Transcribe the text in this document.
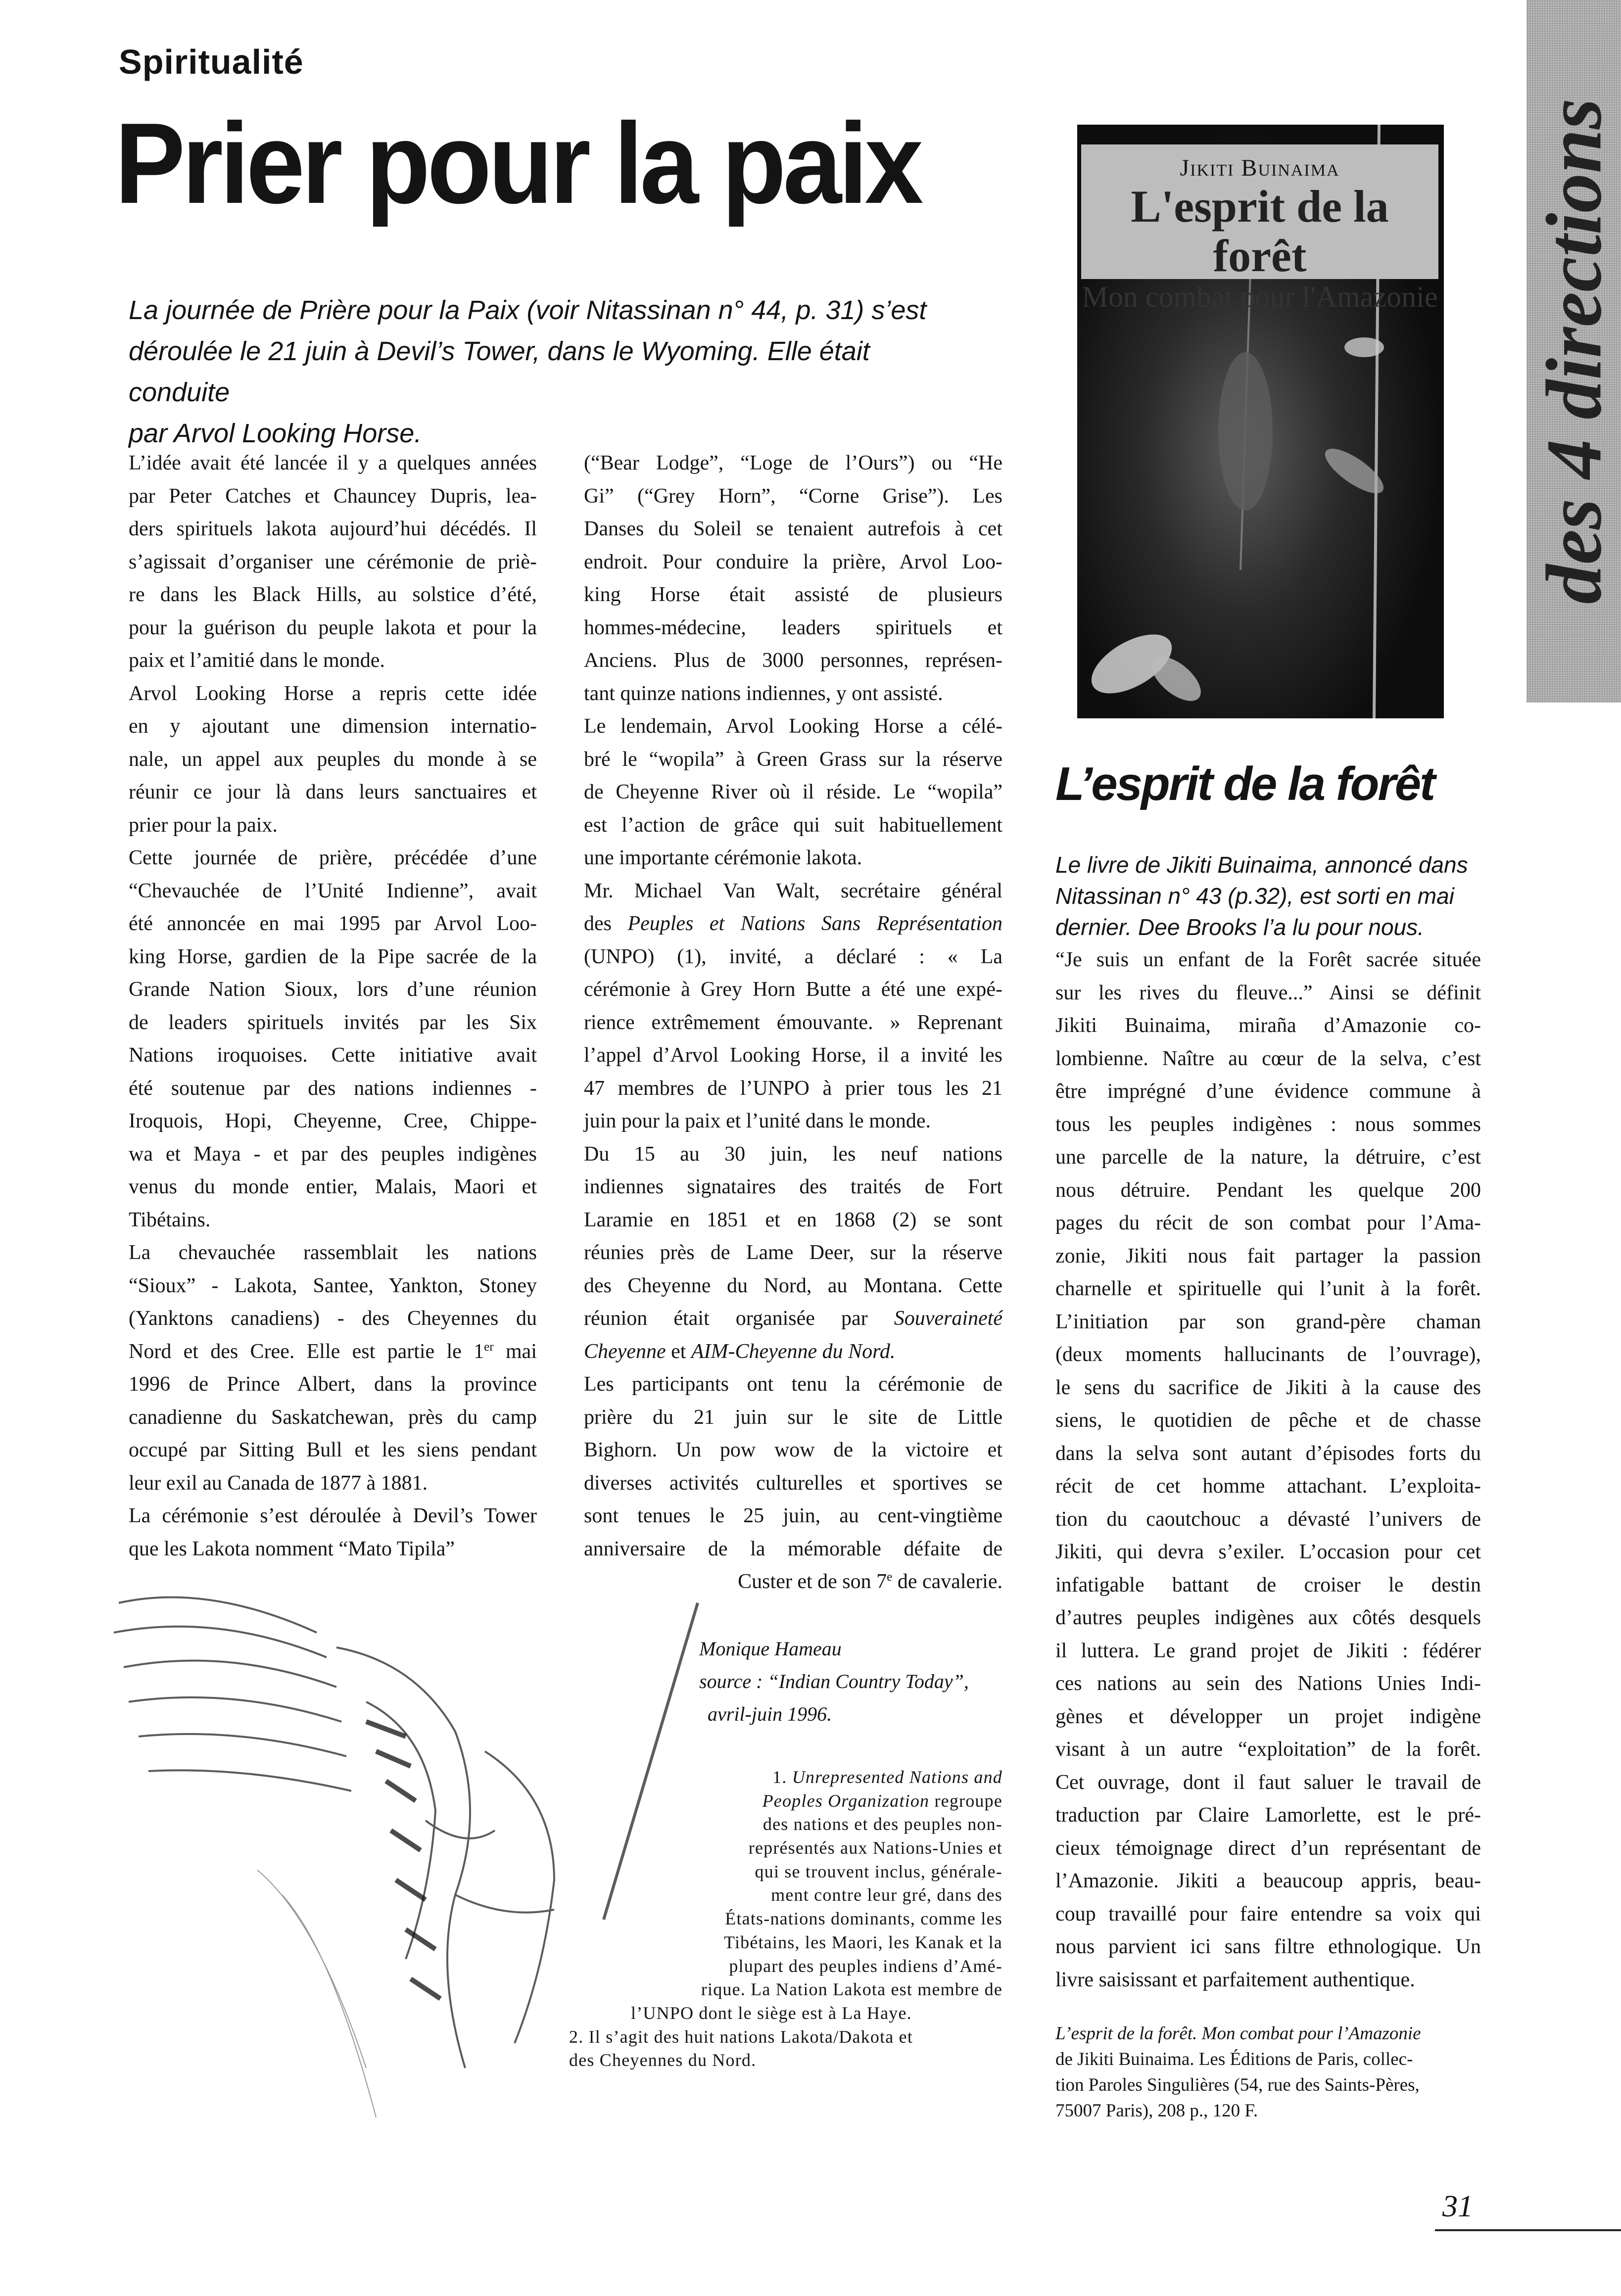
Spiritualité
Prier pour la paix
La journée de Prière pour la Paix (voir Nitassinan n° 44, p. 31) s’est
déroulée le 21 juin à Devil’s Tower, dans le Wyoming. Elle était conduite
par Arvol Looking Horse.
L’idée avait été lancée il y a quelques années
par Peter Catches et Chauncey Dupris, lea-
ders spirituels lakota aujourd’hui décédés. Il
s’agissait d’organiser une cérémonie de priè-
re dans les Black Hills, au solstice d’été,
pour la guérison du peuple lakota et pour la
paix et l’amitié dans le monde.
Arvol Looking Horse a repris cette idée
en y ajoutant une dimension internatio-
nale, un appel aux peuples du monde à se
réunir ce jour là dans leurs sanctuaires et
prier pour la paix.
Cette journée de prière, précédée d’une
“Chevauchée de l’Unité Indienne”, avait
été annoncée en mai 1995 par Arvol Loo-
king Horse, gardien de la Pipe sacrée de la
Grande Nation Sioux, lors d’une réunion
de leaders spirituels invités par les Six
Nations iroquoises. Cette initiative avait
été soutenue par des nations indiennes -
Iroquois, Hopi, Cheyenne, Cree, Chippe-
wa et Maya - et par des peuples indigènes
venus du monde entier, Malais, Maori et
Tibétains.
La chevauchée rassemblait les nations
“Sioux” - Lakota, Santee, Yankton, Stoney
(Yanktons canadiens) - des Cheyennes du
Nord et des Cree. Elle est partie le 1er mai
1996 de Prince Albert, dans la province
canadienne du Saskatchewan, près du camp
occupé par Sitting Bull et les siens pendant
leur exil au Canada de 1877 à 1881.
La cérémonie s’est déroulée à Devil’s Tower
que les Lakota nomment “Mato Tipila”
(“Bear Lodge”, “Loge de l’Ours”) ou “He
Gi” (“Grey Horn”, “Corne Grise”). Les
Danses du Soleil se tenaient autrefois à cet
endroit. Pour conduire la prière, Arvol Loo-
king Horse était assisté de plusieurs
hommes-médecine, leaders spirituels et
Anciens. Plus de 3000 personnes, représen-
tant quinze nations indiennes, y ont assisté.
Le lendemain, Arvol Looking Horse a célé-
bré le “wopila” à Green Grass sur la réserve
de Cheyenne River où il réside. Le “wopila”
est l’action de grâce qui suit habituellement
une importante cérémonie lakota.
Mr. Michael Van Walt, secrétaire général
des Peuples et Nations Sans Représentation
(UNPO) (1), invité, a déclaré : « La
cérémonie à Grey Horn Butte a été une expé-
rience extrêmement émouvante. » Reprenant
l’appel d’Arvol Looking Horse, il a invité les
47 membres de l’UNPO à prier tous les 21
juin pour la paix et l’unité dans le monde.
Du 15 au 30 juin, les neuf nations
indiennes signataires des traités de Fort
Laramie en 1851 et en 1868 (2) se sont
réunies près de Lame Deer, sur la réserve
des Cheyenne du Nord, au Montana. Cette
réunion était organisée par Souveraineté
Cheyenne et AIM-Cheyenne du Nord.
Les participants ont tenu la cérémonie de
prière du 21 juin sur le site de Little
Bighorn. Un pow wow de la victoire et
diverses activités culturelles et sportives se
sont tenues le 25 juin, au cent-vingtième
anniversaire de la mémorable défaite de
Custer et de son 7e de cavalerie.
Monique Hameau
source : “Indian Country Today”,
avril-juin 1996.
1. Unrepresented Nations and
Peoples Organization regroupe
des nations et des peuples non-
représentés aux Nations-Unies et
qui se trouvent inclus, générale-
ment contre leur gré, dans des
États-nations dominants, comme les
Tibétains, les Maori, les Kanak et la
plupart des peuples indiens d’Amé-
rique. La Nation Lakota est membre de
l’UNPO dont le siège est à La Haye.
2. Il s’agit des huit nations Lakota/Dakota et
des Cheyennes du Nord.
Jikiti Buinaima
L'esprit de la forêt
Mon combat pour l'Amazonie des 4 directions
L’esprit de la forêt
Le livre de Jikiti Buinaima, annoncé dans
Nitassinan n° 43 (p.32), est sorti en mai
dernier. Dee Brooks l’a lu pour nous.
“Je suis un enfant de la Forêt sacrée située
sur les rives du fleuve...” Ainsi se définit
Jikiti Buinaima, miraña d’Amazonie co-
lombienne. Naître au cœur de la selva, c’est
être imprégné d’une évidence commune à
tous les peuples indigènes : nous sommes
une parcelle de la nature, la détruire, c’est
nous détruire. Pendant les quelque 200
pages du récit de son combat pour l’Ama-
zonie, Jikiti nous fait partager la passion
charnelle et spirituelle qui l’unit à la forêt.
L’initiation par son grand-père chaman
(deux moments hallucinants de l’ouvrage),
le sens du sacrifice de Jikiti à la cause des
siens, le quotidien de pêche et de chasse
dans la selva sont autant d’épisodes forts du
récit de cet homme attachant. L’exploita-
tion du caoutchouc a dévasté l’univers de
Jikiti, qui devra s’exiler. L’occasion pour cet
infatigable battant de croiser le destin
d’autres peuples indigènes aux côtés desquels
il luttera. Le grand projet de Jikiti : fédérer
ces nations au sein des Nations Unies Indi-
gènes et développer un projet indigène
visant à un autre “exploitation” de la forêt.
Cet ouvrage, dont il faut saluer le travail de
traduction par Claire Lamorlette, est le pré-
cieux témoignage direct d’un représentant de
l’Amazonie. Jikiti a beaucoup appris, beau-
coup travaillé pour faire entendre sa voix qui
nous parvient ici sans filtre ethnologique. Un
livre saisissant et parfaitement authentique.
L’esprit de la forêt. Mon combat pour l’Amazonie
de Jikiti Buinaima. Les Éditions de Paris, collec-
tion Paroles Singulières (54, rue des Saints-Pères,
75007 Paris), 208 p., 120 F.
31
